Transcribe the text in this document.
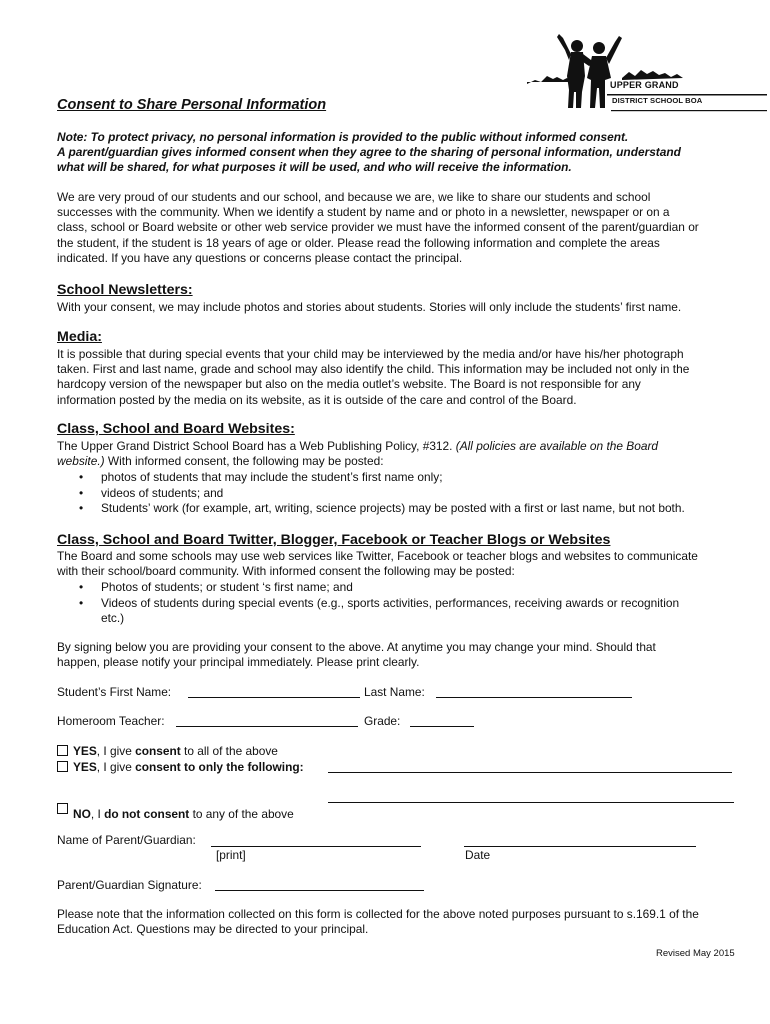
UPPER GRAND
DISTRICT SCHOOL BOA
Consent to Share Personal Information
Note: To protect privacy, no personal information is provided to the public without informed consent.
A parent/guardian gives informed consent when they agree to the sharing of personal information, understand
what will be shared, for what purposes it will be used, and who will receive the information.
We are very proud of our students and our school, and because we are, we like to share our students and school
successes with the community. When we identify a student by name and or photo in a newsletter, newspaper or on a
class, school or Board website or other web service provider we must have the informed consent of the parent/guardian or
the student, if the student is 18 years of age or older. Please read the following information and complete the areas
indicated. If you have any questions or concerns please contact the principal.
School Newsletters:
With your consent, we may include photos and stories about students. Stories will only include the students’ first name.
Media:
It is possible that during special events that your child may be interviewed by the media and/or have his/her photograph
taken. First and last name, grade and school may also identify the child. This information may be included not only in the
hardcopy version of the newspaper but also on the media outlet’s website. The Board is not responsible for any
information posted by the media on its website, as it is outside of the care and control of the Board.
Class, School and Board Websites:
The Upper Grand District School Board has a Web Publishing Policy, #312. (All policies are available on the Board
website.) With informed consent, the following may be posted:
• photos of students that may include the student’s first name only;
• videos of students; and
• Students’ work (for example, art, writing, science projects) may be posted with a first or last name, but not both.
Class, School and Board Twitter, Blogger, Facebook or Teacher Blogs or Websites
The Board and some schools may use web services like Twitter, Facebook or teacher blogs and websites to communicate
with their school/board community. With informed consent the following may be posted:
• Photos of students; or student ‘s first name; and
• Videos of students during special events (e.g., sports activities, performances, receiving awards or recognition
etc.)
By signing below you are providing your consent to the above. At anytime you may change your mind. Should that
happen, please notify your principal immediately. Please print clearly.
Student’s First Name:	Last Name:
Homeroom Teacher:	Grade:
YES, I give consent to all of the above
YES, I give consent to only the following:
NO, I do not consent to any of the above
Name of Parent/Guardian:
[print]	Date
Parent/Guardian Signature:
Please note that the information collected on this form is collected for the above noted purposes pursuant to s.169.1 of the
Education Act. Questions may be directed to your principal.
Revised May 2015
